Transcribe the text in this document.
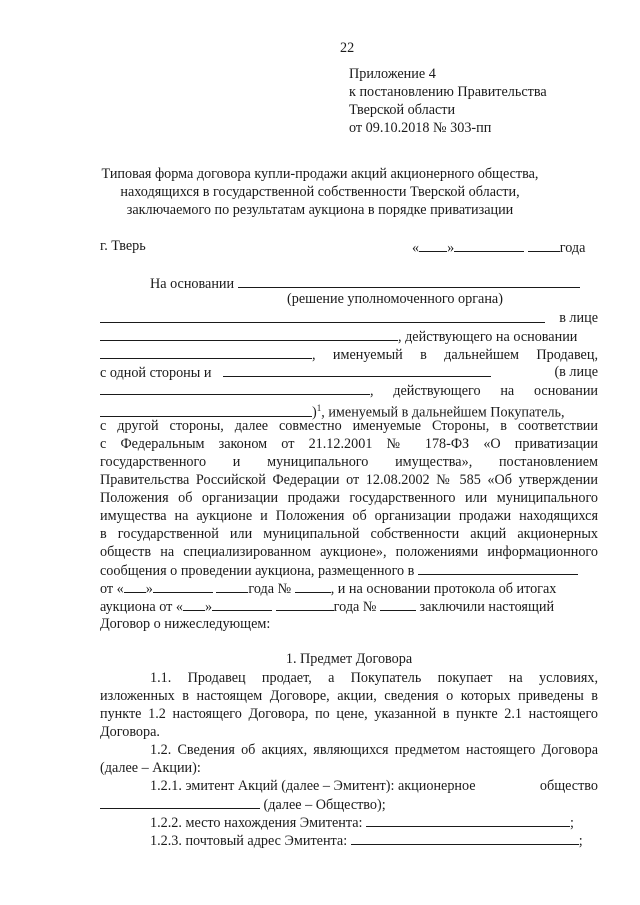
22
Приложение 4
к постановлению Правительства
Тверской области
от 09.10.2018 № 303-пп
Типовая форма договора купли-продажи акций акционерного общества,
находящихся в государственной собственности Тверской области,
заключаемого по результатам аукциона в порядке приватизации
г. Тверь	« »	года
На основании
(решение уполномоченного органа)
в лице
, действующего на основании
, именуемый в дальнейшем Продавец,
с одной стороны и	(в лице
, действующего на основании
)$^1$, именуемый в дальнейшем Покупатель,
с другой стороны, далее совместно именуемые Стороны, в соответствии
с Федеральным законом от 21.12.2001 № 178-ФЗ «О приватизации
государственного и муниципального имущества», постановлением
Правительства Российской Федерации от 12.08.2002 № 585 «Об утверждении
Положения об организации продажи государственного или муниципального
имущества на аукционе и Положения об организации продажи находящихся
в государственной или муниципальной собственности акций акционерных
обществ на специализированном аукционе», положениями информационного
сообщения о проведении аукциона, размещенного в
от « »	года №	, и на основании протокола об итогах
аукциона от « »	года №	заключили настоящий
Договор о нижеследующем:
1. Предмет Договора
1.1. Продавец продает, а Покупатель покупает на условиях,
изложенных в настоящем Договоре, акции, сведения о которых приведены в
пункте 1.2 настоящего Договора, по цене, указанной в пункте 2.1 настоящего
Договора.
1.2. Сведения об акциях, являющихся предметом настоящего Договора
(далее – Акции):
1.2.1. эмитент Акций (далее – Эмитент): акционерное	общество
(далее – Общество);
1.2.2. место нахождения Эмитента:	;
1.2.3. почтовый адрес Эмитента:	;
